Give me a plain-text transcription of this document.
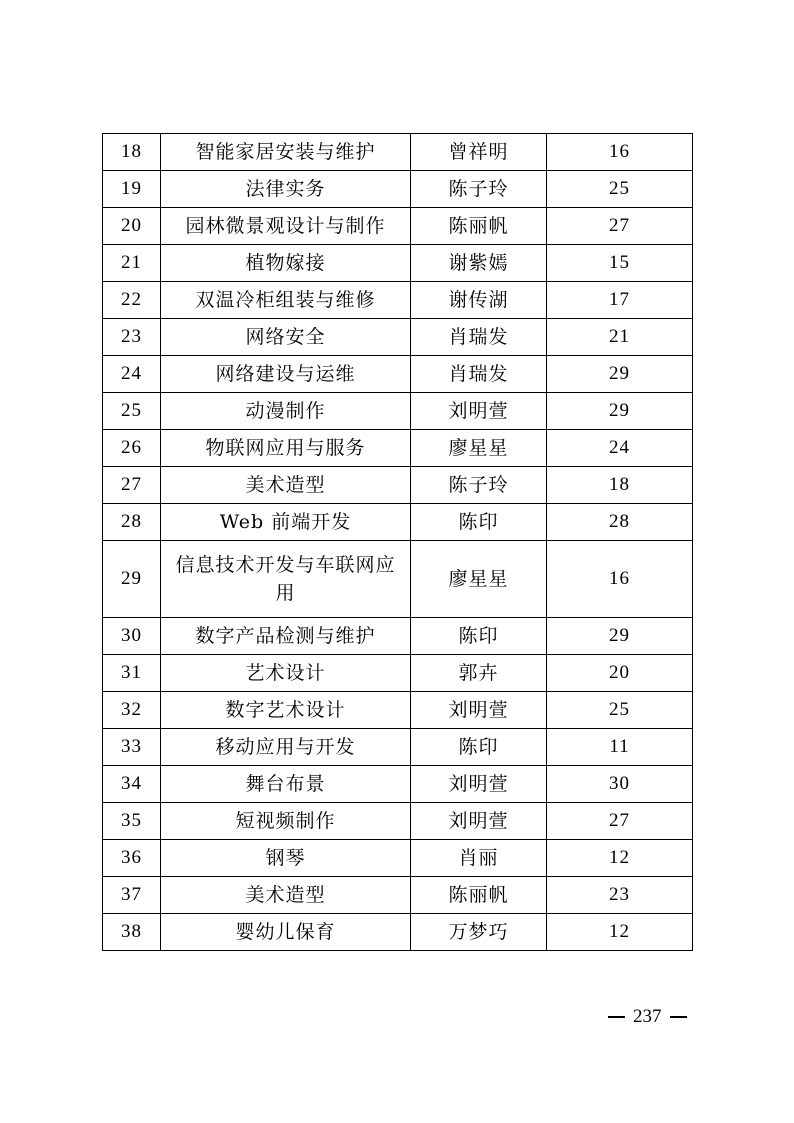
18	智能家居安装与维护	曾祥明	16
19	法律实务	陈子玲	25
20	园林微景观设计与制作	陈丽帆	27
21	植物嫁接	谢紫嫣	15
22	双温冷柜组装与维修	谢传湖	17
23	网络安全	肖瑞发	21
24	网络建设与运维	肖瑞发	29
25	动漫制作	刘明萱	29
26	物联网应用与服务	廖星星	24
27	美术造型	陈子玲	18
28	Web 前端开发	陈印	28
29	信息技术开发与车联网应用	廖星星	16
30	数字产品检测与维护	陈印	29
31	艺术设计	郭卉	20
32	数字艺术设计	刘明萱	25
33	移动应用与开发	陈印	11
34	舞台布景	刘明萱	30
35	短视频制作	刘明萱	27
36	钢琴	肖丽	12
37	美术造型	陈丽帆	23
38	婴幼儿保育	万梦巧	12
237
